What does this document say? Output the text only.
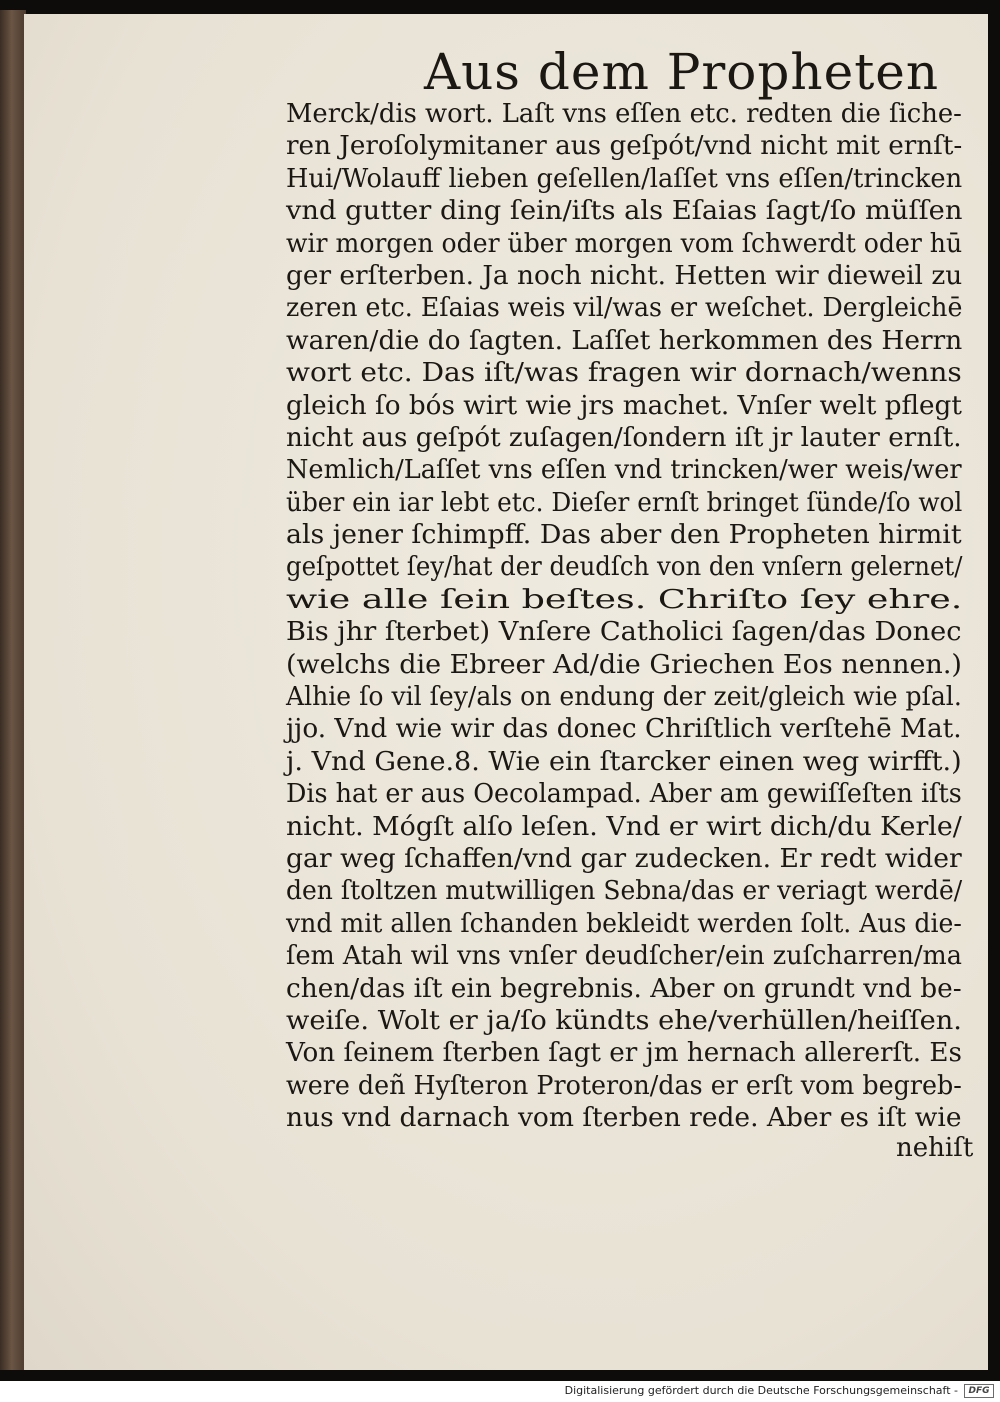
Aus dem Propheten
Merck/dis wort. Laſt vns eſſen etc. redten die ſiche-
ren Jeroſolymitaner aus geſpót/vnd nicht mit ernſt-
Hui/Wolauff lieben geſellen/laſſet vns eſſen/trincken
vnd gutter ding ſein/iſts als Eſaias ſagt/ſo müſſen
wir morgen oder über morgen vom ſchwerdt oder hū
ger erſterben. Ja noch nicht. Hetten wir dieweil zu
zeren etc. Eſaias weis vil/was er weſchet. Dergleichē
waren/die do ſagten. Laſſet herkommen des Herrn
wort etc. Das iſt/was fragen wir dornach/wenns
gleich ſo bós wirt wie jrs machet. Vnſer welt pflegt
nicht aus geſpót zuſagen/ſondern iſt jr lauter ernſt.
Nemlich/Laſſet vns eſſen vnd trincken/wer weis/wer
über ein iar lebt etc. Dieſer ernſt bringet ſünde/ſo wol
als jener ſchimpff. Das aber den Propheten hirmit
geſpottet ſey/hat der deudſch von den vnſern gelernet/
wie alle ſein beſtes. Chriſto ſey ehre.
Bis jhr ſterbet) Vnſere Catholici ſagen/das Donec
(welchs die Ebreer Ad/die Griechen Eos nennen.)
Alhie ſo vil ſey/als on endung der zeit/gleich wie pſal.
jjo. Vnd wie wir das donec Chriſtlich verſtehē Mat.
j. Vnd Gene.8. Wie ein ſtarcker einen weg wirfft.)
Dis hat er aus Oecolampad. Aber am gewiſſeſten iſts
nicht. Mógſt alſo leſen. Vnd er wirt dich/du Kerle/
gar weg ſchaffen/vnd gar zudecken. Er redt wider
den ſtoltzen mutwilligen Sebna/das er veriagt werdē/
vnd mit allen ſchanden bekleidt werden ſolt. Aus die-
ſem Atah wil vns vnſer deudſcher/ein zuſcharren/ma
chen/das iſt ein begrebnis. Aber on grundt vnd be-
weiſe. Wolt er ja/ſo kündts ehe/verhüllen/heiſſen.
Von ſeinem ſterben ſagt er jm hernach allererſt. Es
were deñ Hyſteron Proteron/das er erſt vom begreb-
nus vnd darnach vom ſterben rede. Aber es iſt wie
nehiſt
Digitalisierung gefördert durch die Deutsche Forschungsgemeinschaft -	DFG
